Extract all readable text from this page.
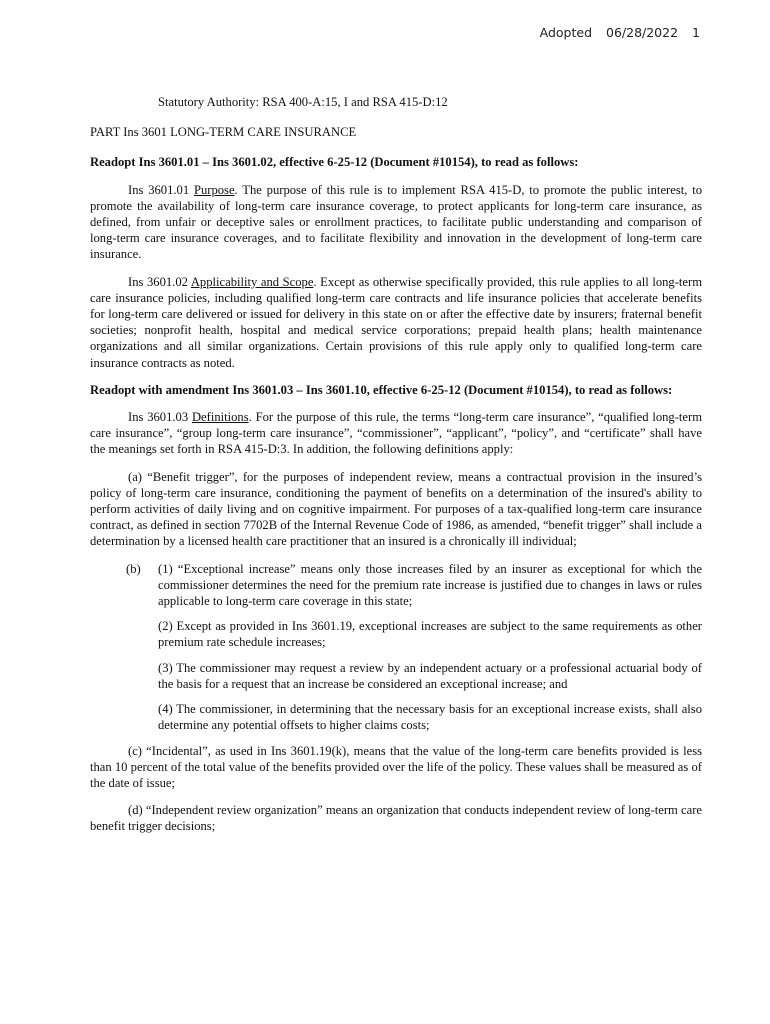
Adopted 06/28/2022 1

Statutory Authority: RSA 400-A:15, I and RSA 415-D:12

PART Ins 3601 LONG-TERM CARE INSURANCE

Readopt Ins 3601.01 – Ins 3601.02, effective 6-25-12 (Document #10154), to read as follows:

Ins 3601.01 Purpose. The purpose of this rule is to implement RSA 415-D, to promote the public interest, to promote the availability of long-term care insurance coverage, to protect applicants for long-term care insurance, as defined, from unfair or deceptive sales or enrollment practices, to facilitate public understanding and comparison of long-term care insurance coverages, and to facilitate flexibility and innovation in the development of long-term care insurance.

Ins 3601.02 Applicability and Scope. Except as otherwise specifically provided, this rule applies to all long-term care insurance policies, including qualified long-term care contracts and life insurance policies that accelerate benefits for long-term care delivered or issued for delivery in this state on or after the effective date by insurers; fraternal benefit societies; nonprofit health, hospital and medical service corporations; prepaid health plans; health maintenance organizations and all similar organizations. Certain provisions of this rule apply only to qualified long-term care insurance contracts as noted.

Readopt with amendment Ins 3601.03 – Ins 3601.10, effective 6-25-12 (Document #10154), to read as follows:

Ins 3601.03 Definitions. For the purpose of this rule, the terms “long-term care insurance”, “qualified long-term care insurance”, “group long-term care insurance”, “commissioner”, “applicant”, “policy”, and “certificate” shall have the meanings set forth in RSA 415-D:3. In addition, the following definitions apply:

(a) “Benefit trigger”, for the purposes of independent review, means a contractual provision in the insured’s policy of long-term care insurance, conditioning the payment of benefits on a determination of the insured's ability to perform activities of daily living and on cognitive impairment. For purposes of a tax-qualified long-term care insurance contract, as defined in section 7702B of the Internal Revenue Code of 1986, as amended, “benefit trigger” shall include a determination by a licensed health care practitioner that an insured is a chronically ill individual;

(b) (1) “Exceptional increase” means only those increases filed by an insurer as exceptional for which the commissioner determines the need for the premium rate increase is justified due to changes in laws or rules applicable to long-term care coverage in this state;

(2) Except as provided in Ins 3601.19, exceptional increases are subject to the same requirements as other premium rate schedule increases;

(3) The commissioner may request a review by an independent actuary or a professional actuarial body of the basis for a request that an increase be considered an exceptional increase; and

(4) The commissioner, in determining that the necessary basis for an exceptional increase exists, shall also determine any potential offsets to higher claims costs;

(c) “Incidental”, as used in Ins 3601.19(k), means that the value of the long-term care benefits provided is less than 10 percent of the total value of the benefits provided over the life of the policy. These values shall be measured as of the date of issue;

(d) “Independent review organization” means an organization that conducts independent review of long-term care benefit trigger decisions;
